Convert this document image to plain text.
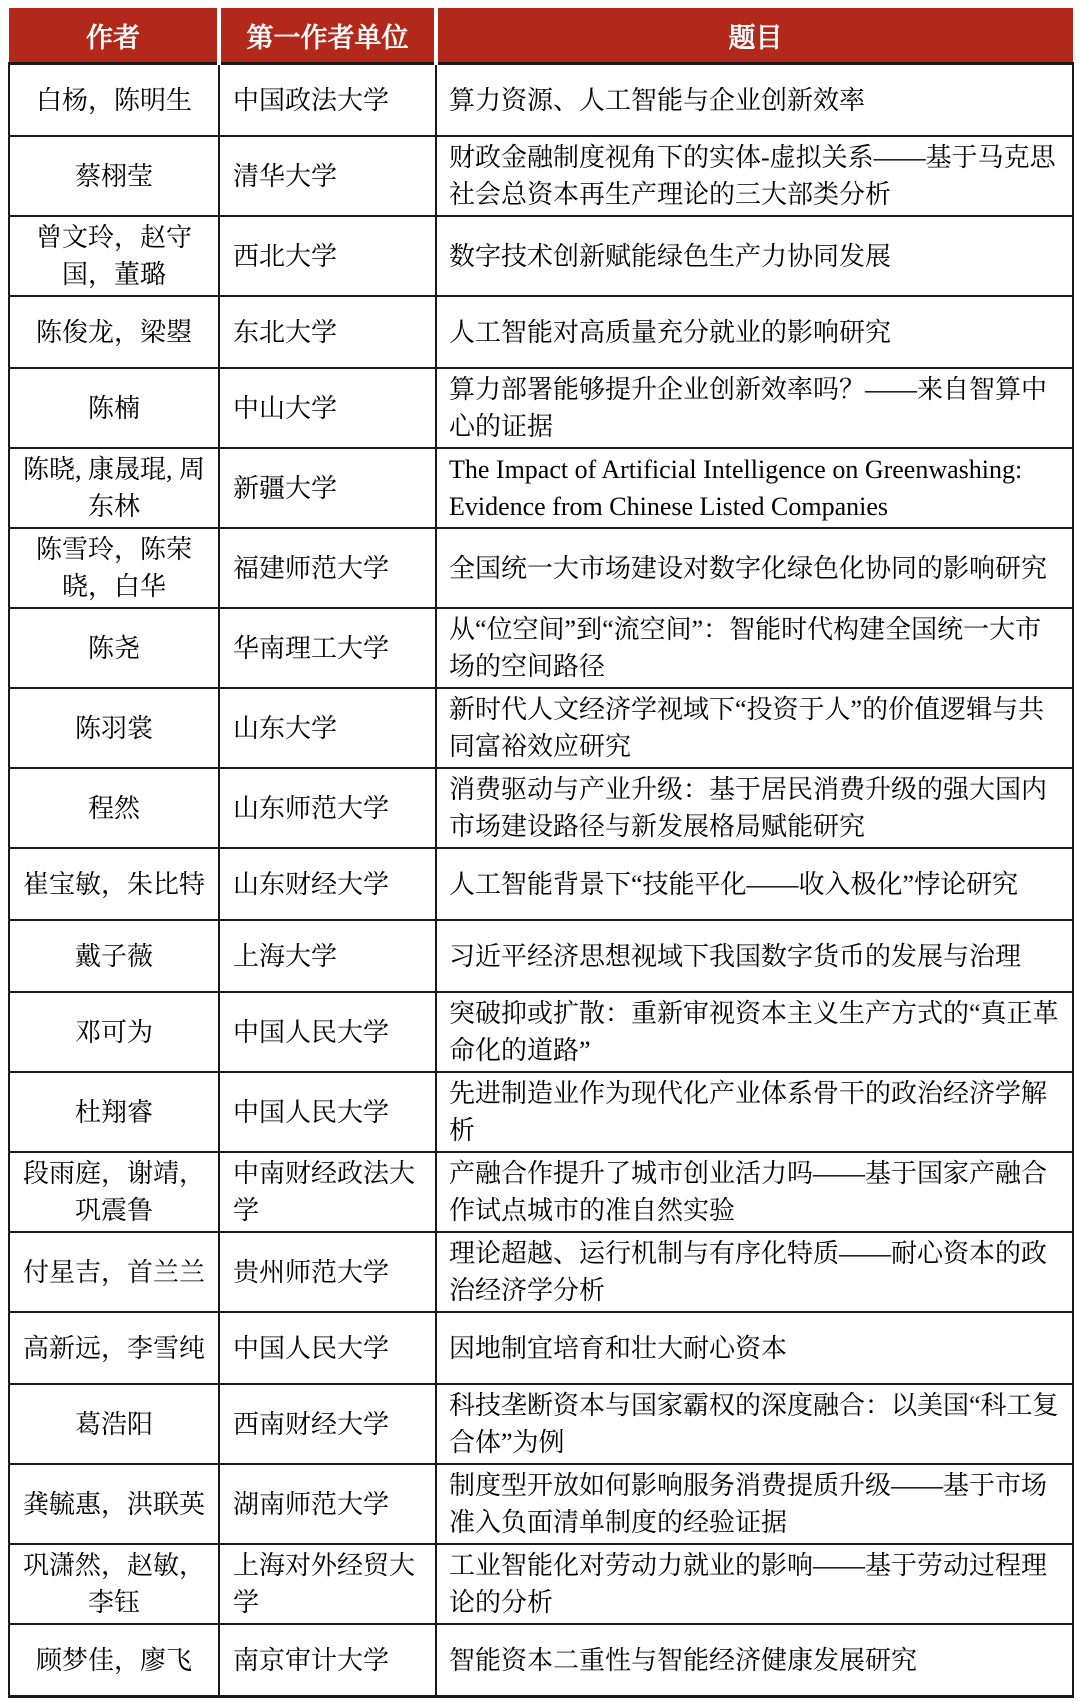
作者	第一作者单位	题目
白杨，陈明生	中国政法大学	算力资源、人工智能与企业创新效率
蔡栩莹	清华大学	财政金融制度视角下的实体-虚拟关系——基于马克思社会总资本再生产理论的三大部类分析
曾文玲，赵守国，董璐	西北大学	数字技术创新赋能绿色生产力协同发展
陈俊龙，梁曌	东北大学	人工智能对高质量充分就业的影响研究
陈楠	中山大学	算力部署能够提升企业创新效率吗？——来自智算中心的证据
陈晓, 康晟琨, 周东林	新疆大学	The Impact of Artificial Intelligence on Greenwashing: Evidence from Chinese Listed Companies
陈雪玲，陈荣晓，白华	福建师范大学	全国统一大市场建设对数字化绿色化协同的影响研究
陈尧	华南理工大学	从“位空间”到“流空间”：智能时代构建全国统一大市场的空间路径
陈羽裳	山东大学	新时代人文经济学视域下“投资于人”的价值逻辑与共同富裕效应研究
程然	山东师范大学	消费驱动与产业升级：基于居民消费升级的强大国内市场建设路径与新发展格局赋能研究
崔宝敏，朱比特	山东财经大学	人工智能背景下“技能平化——收入极化”悖论研究
戴子薇	上海大学	习近平经济思想视域下我国数字货币的发展与治理
邓可为	中国人民大学	突破抑或扩散：重新审视资本主义生产方式的“真正革命化的道路”
杜翔睿	中国人民大学	先进制造业作为现代化产业体系骨干的政治经济学解析
段雨庭，谢靖，巩震鲁	中南财经政法大学	产融合作提升了城市创业活力吗——基于国家产融合作试点城市的准自然实验
付星吉，首兰兰	贵州师范大学	理论超越、运行机制与有序化特质——耐心资本的政治经济学分析
高新远，李雪纯	中国人民大学	因地制宜培育和壮大耐心资本
葛浩阳	西南财经大学	科技垄断资本与国家霸权的深度融合：以美国“科工复合体”为例
龚毓惠，洪联英	湖南师范大学	制度型开放如何影响服务消费提质升级——基于市场准入负面清单制度的经验证据
巩潇然，赵敏，李钰	上海对外经贸大学	工业智能化对劳动力就业的影响——基于劳动过程理论的分析
顾梦佳，廖飞	南京审计大学	智能资本二重性与智能经济健康发展研究
